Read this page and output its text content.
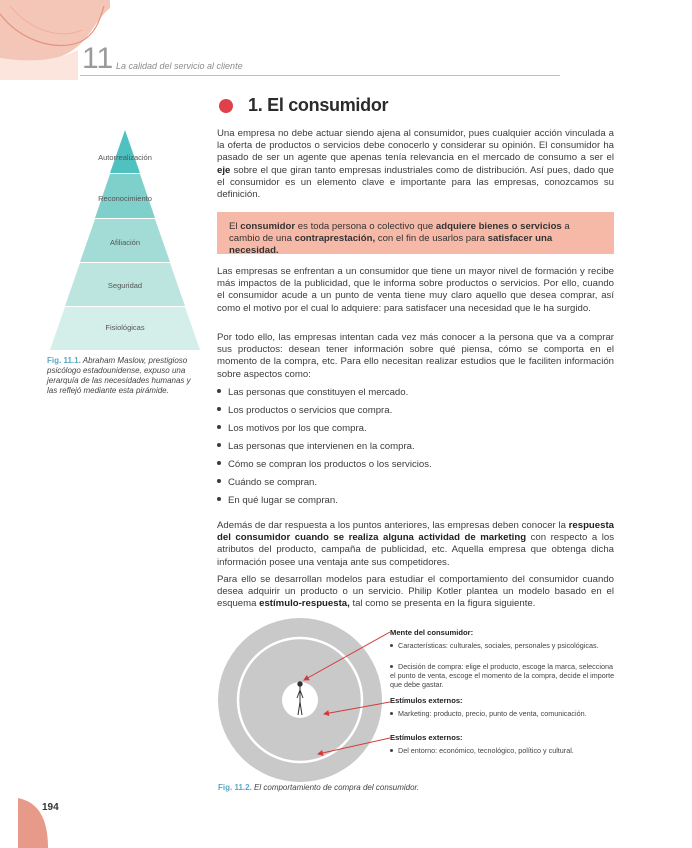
11 La calidad del servicio al cliente
1. El consumidor
Una empresa no debe actuar siendo ajena al consumidor, pues cualquier acción vinculada a la oferta de productos o servicios debe conocerlo y considerar su opinión. El consumidor ha pasado de ser un agente que apenas tenía relevancia en el mercado de consumo a ser el eje sobre el que giran tanto empresas industriales como de distribución. Así pues, dado que el consumidor es un elemento clave e importante para las empresas, conozcamos su definición.
El consumidor es toda persona o colectivo que adquiere bienes o servicios a cambio de una contraprestación, con el fin de usarlos para satisfacer una necesidad.
Las empresas se enfrentan a un consumidor que tiene un mayor nivel de formación y recibe más impactos de la publicidad, que le informa sobre productos o servicios. Por ello, cuando el consumidor acude a un punto de venta tiene muy claro aquello que desea comprar, así como el motivo por el cual lo adquiere: para satisfacer una necesidad que le ha surgido.
Por todo ello, las empresas intentan cada vez más conocer a la persona que va a comprar sus productos: desean tener información sobre qué piensa, cómo se comporta en el momento de la compra, etc. Para ello necesitan realizar estudios que le faciliten información sobre aspectos como:
Las personas que constituyen el mercado.
Los productos o servicios que compra.
Los motivos por los que compra.
Las personas que intervienen en la compra.
Cómo se compran los productos o los servicios.
Cuándo se compran.
En qué lugar se compran.
Además de dar respuesta a los puntos anteriores, las empresas deben conocer la respuesta del consumidor cuando se realiza alguna actividad de marketing con respecto a los atributos del producto, campaña de publicidad, etc. Aquella empresa que obtenga dicha información posee una ventaja ante sus competidores.
Para ello se desarrollan modelos para estudiar el comportamiento del consumidor cuando desea adquirir un producto o un servicio. Philip Kotler plantea un modelo basado en el esquema estímulo-respuesta, tal como se presenta en la figura siguiente.
Autorrealización
Reconocimiento
Afiliación
Seguridad
Fisiológicas
Fig. 11.1. Abraham Maslow, prestigioso psicólogo estadounidense, expuso una jerarquía de las necesidades humanas y las reflejó mediante esta pirámide.
Mente del consumidor:
Características: culturales, sociales, personales y psicológicas.
Decisión de compra: elige el producto, escoge la marca, selecciona el punto de venta, escoge el momento de la compra, decide el importe que debe gastar.
Estímulos externos:
Marketing: producto, precio, punto de venta, comunicación.
Estímulos externos:
Del entorno: económico, tecnológico, político y cultural.
Fig. 11.2. El comportamiento de compra del consumidor.
194
